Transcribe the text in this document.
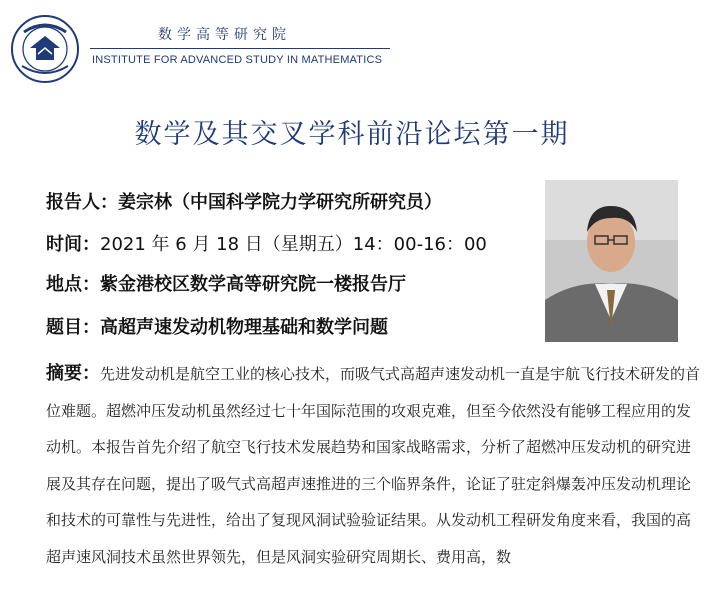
数学高等研究院
INSTITUTE FOR ADVANCED STUDY IN MATHEMATICS
数学及其交叉学科前沿论坛第一期
报告人：姜宗林（中国科学院力学研究所研究员）
时间：2021 年 6 月 18 日（星期五）14：00-16：00
地点：紫金港校区数学高等研究院一楼报告厅
题目：高超声速发动机物理基础和数学问题
摘要：先进发动机是航空工业的核心技术，而吸气式高超声速发动机一直是宇航飞行技术研发的首位难题。超燃冲压发动机虽然经过七十年国际范围的攻艰克难，但至今依然没有能够工程应用的发动机。本报告首先介绍了航空飞行技术发展趋势和国家战略需求，分析了超燃冲压发动机的研究进展及其存在问题，提出了吸气式高超声速推进的三个临界条件，论证了驻定斜爆轰冲压发动机理论和技术的可靠性与先进性，给出了复现风洞试验验证结果。从发动机工程研发角度来看，我国的高超声速风洞技术虽然世界领先，但是风洞实验研究周期长、费用高，数
